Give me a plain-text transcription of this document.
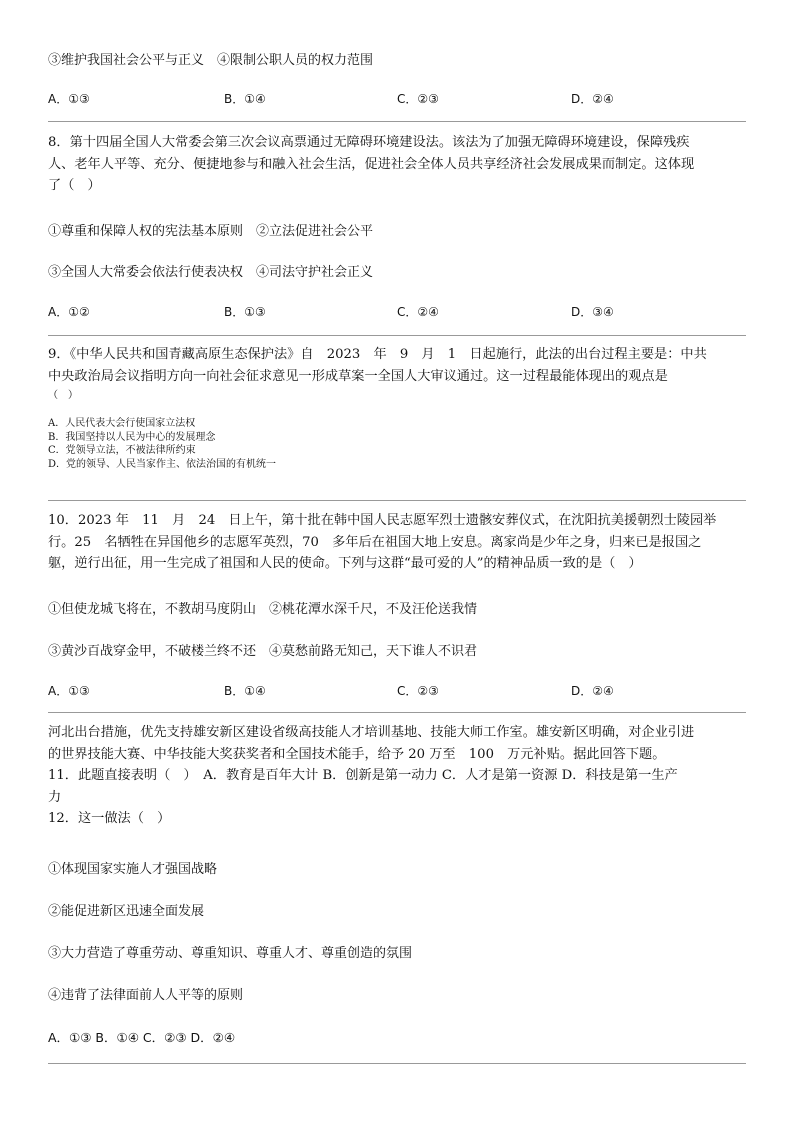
③维护我国社会公平与正义　④限制公职人员的权力范围
A．①③	B．①④	C．②③	D．②④
8．第十四届全国人大常委会第三次会议高票通过无障碍环境建设法。该法为了加强无障碍环境建设，保障残疾
人、老年人平等、充分、便捷地参与和融入社会生活，促进社会全体人员共享经济社会发展成果而制定。这体现
了（　）
①尊重和保障人权的宪法基本原则　②立法促进社会公平
③全国人大常委会依法行使表决权　④司法守护社会正义
A．①②	B．①③	C．②④	D．③④
9．《中华人民共和国青藏高原生态保护法》自　2023　年　9　月　1　日起施行，此法的出台过程主要是：中共
中央政治局会议指明方向一向社会征求意见一形成草案一全国人大审议通过。这一过程最能体现出的观点是
（　）
A．人民代表大会行使国家立法权
B．我国坚持以人民为中心的发展理念
C．党领导立法，不被法律所约束
D．党的领导、人民当家作主、依法治国的有机统一
10．2023 年　11　月　24　日上午，第十批在韩中国人民志愿军烈士遗骸安葬仪式，在沈阳抗美援朝烈士陵园举
行。25　名牺牲在异国他乡的志愿军英烈，70　多年后在祖国大地上安息。离家尚是少年之身，归来已是报国之
躯，逆行出征，用一生完成了祖国和人民的使命。下列与这群“最可爱的人”的精神品质一致的是（　）
①但使龙城飞将在，不教胡马度阴山　②桃花潭水深千尺，不及汪伦送我情
③黄沙百战穿金甲，不破楼兰终不还　④莫愁前路无知己，天下谁人不识君
A．①③	B．①④	C．②③	D．②④
河北出台措施，优先支持雄安新区建设省级高技能人才培训基地、技能大师工作室。雄安新区明确，对企业引进
的世界技能大赛、中华技能大奖获奖者和全国技术能手，给予 20 万至　100　万元补贴。据此回答下题。
11．此题直接表明（　）　A．教育是百年大计 B．创新是第一动力 C．人才是第一资源 D．科技是第一生产
力
12．这一做法（　）
①体现国家实施人才强国战略
②能促进新区迅速全面发展
③大力营造了尊重劳动、尊重知识、尊重人才、尊重创造的氛围
④违背了法律面前人人平等的原则
A．①③ B．①④ C．②③ D．②④
